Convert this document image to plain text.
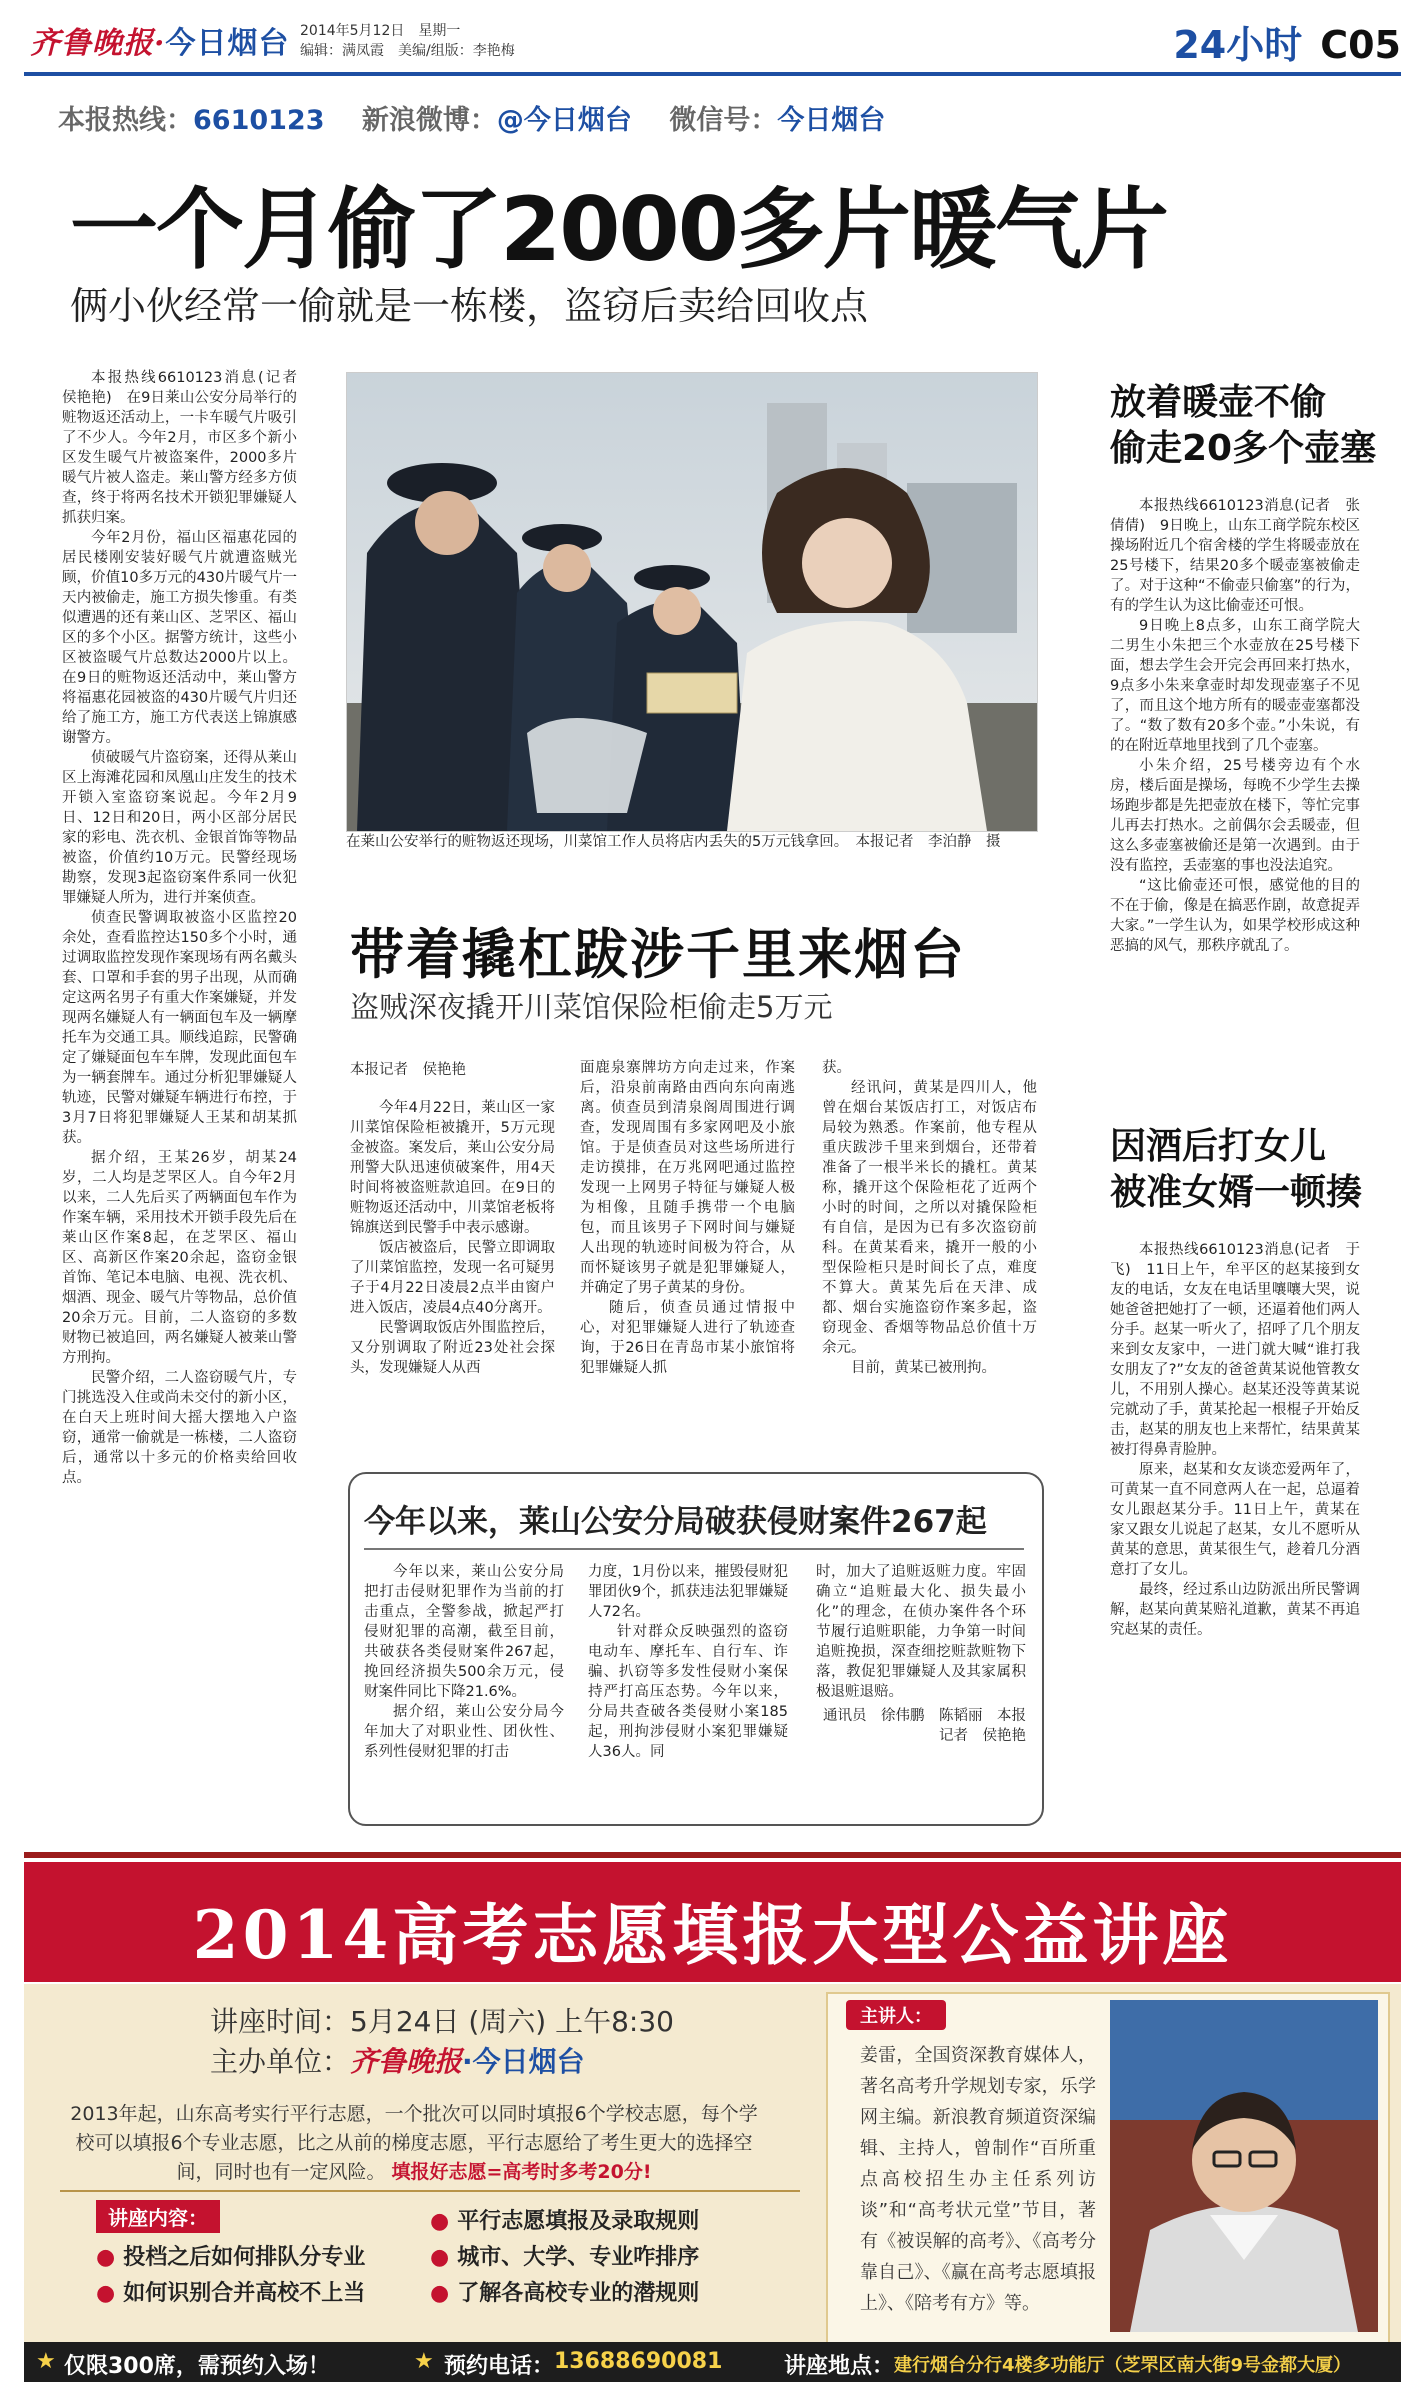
齐鲁晚报·今日烟台 2014年5月12日　星期一
编辑：满凤霞　美编/组版：李艳梅	24小时 C05
本报热线：6610123 新浪微博：@今日烟台 微信号：今日烟台
一个月偷了2000多片暖气片
俩小伙经常一偷就是一栋楼，盗窃后卖给回收点

本报热线6610123消息(记者　侯艳艳)　在9日莱山公安分局举行的赃物返还活动上，一卡车暖气片吸引了不少人。今年2月，市区多个新小区发生暖气片被盗案件，2000多片暖气片被人盗走。莱山警方经多方侦查，终于将两名技术开锁犯罪嫌疑人抓获归案。

今年2月份，福山区福惠花园的居民楼刚安装好暖气片就遭盗贼光顾，价值10多万元的430片暖气片一天内被偷走，施工方损失惨重。有类似遭遇的还有莱山区、芝罘区、福山区的多个小区。据警方统计，这些小区被盗暖气片总数达2000片以上。在9日的赃物返还活动中，莱山警方将福惠花园被盗的430片暖气片归还给了施工方，施工方代表送上锦旗感谢警方。

侦破暖气片盗窃案，还得从莱山区上海滩花园和凤凰山庄发生的技术开锁入室盗窃案说起。今年2月9日、12日和20日，两小区部分居民家的彩电、洗衣机、金银首饰等物品被盗，价值约10万元。民警经现场勘察，发现3起盗窃案件系同一伙犯罪嫌疑人所为，进行并案侦查。

侦查民警调取被盗小区监控20余处，查看监控达150多个小时，通过调取监控发现作案现场有两名戴头套、口罩和手套的男子出现，从而确定这两名男子有重大作案嫌疑，并发现两名嫌疑人有一辆面包车及一辆摩托车为交通工具。顺线追踪，民警确定了嫌疑面包车车牌，发现此面包车为一辆套牌车。通过分析犯罪嫌疑人轨迹，民警对嫌疑车辆进行布控，于3月7日将犯罪嫌疑人王某和胡某抓获。

据介绍，王某26岁，胡某24岁，二人均是芝罘区人。自今年2月以来，二人先后买了两辆面包车作为作案车辆，采用技术开锁手段先后在莱山区作案8起，在芝罘区、福山区、高新区作案20余起，盗窃金银首饰、笔记本电脑、电视、洗衣机、烟酒、现金、暖气片等物品，总价值20余万元。目前，二人盗窃的多数财物已被追回，两名嫌疑人被莱山警方刑拘。

民警介绍，二人盗窃暖气片，专门挑选没入住或尚未交付的新小区，在白天上班时间大摇大摆地入户盗窃，通常一偷就是一栋楼，二人盗窃后，通常以十多元的价格卖给回收点。

在莱山公安举行的赃物返还现场，川菜馆工作人员将店内丢失的5万元钱拿回。　本报记者　李泊静　摄
带着撬杠跋涉千里来烟台
盗贼深夜撬开川菜馆保险柜偷走5万元
本报记者　侯艳艳

今年4月22日，莱山区一家川菜馆保险柜被撬开，5万元现金被盗。案发后，莱山公安分局刑警大队迅速侦破案件，用4天时间将被盗赃款追回。在9日的赃物返还活动中，川菜馆老板将锦旗送到民警手中表示感谢。

饭店被盗后，民警立即调取了川菜馆监控，发现一名可疑男子于4月22日凌晨2点半由窗户进入饭店，凌晨4点40分离开。

民警调取饭店外围监控后，又分别调取了附近23处社会探头，发现嫌疑人从西

面鹿泉寨牌坊方向走过来，作案后，沿泉前南路由西向东向南逃离。侦查员到清泉阁周围进行调查，发现周围有多家网吧及小旅馆。于是侦查员对这些场所进行走访摸排，在万兆网吧通过监控发现一上网男子特征与嫌疑人极为相像，且随手携带一个电脑包，而且该男子下网时间与嫌疑人出现的轨迹时间极为符合，从而怀疑该男子就是犯罪嫌疑人，并确定了男子黄某的身份。

随后，侦查员通过情报中心，对犯罪嫌疑人进行了轨迹查询，于26日在青岛市某小旅馆将犯罪嫌疑人抓

获。

经讯问，黄某是四川人，他曾在烟台某饭店打工，对饭店布局较为熟悉。作案前，他专程从重庆跋涉千里来到烟台，还带着准备了一根半米长的撬杠。黄某称，撬开这个保险柜花了近两个小时的时间，之所以对撬保险柜有自信，是因为已有多次盗窃前科。在黄某看来，撬开一般的小型保险柜只是时间长了点，难度不算大。黄某先后在天津、成都、烟台实施盗窃作案多起，盗窃现金、香烟等物品总价值十万余元。

目前，黄某已被刑拘。

今年以来，莱山公安分局破获侵财案件267起

今年以来，莱山公安分局把打击侵财犯罪作为当前的打击重点，全警参战，掀起严打侵财犯罪的高潮，截至目前，共破获各类侵财案件267起，挽回经济损失500余万元，侵财案件同比下降21.6%。

据介绍，莱山公安分局今年加大了对职业性、团伙性、系列性侵财犯罪的打击

力度，1月份以来，摧毁侵财犯罪团伙9个，抓获违法犯罪嫌疑人72名。

针对群众反映强烈的盗窃电动车、摩托车、自行车、诈骗、扒窃等多发性侵财小案保持严打高压态势。今年以来，分局共查破各类侵财小案185起，刑拘涉侵财小案犯罪嫌疑人36人。同

时，加大了追赃返赃力度。牢固确立“追赃最大化、损失最小化”的理念，在侦办案件各个环节履行追赃职能，力争第一时间追赃挽损，深查细挖赃款赃物下落，教促犯罪嫌疑人及其家属积极退赃退赔。

通讯员　徐伟鹏　陈韬丽　本报记者　侯艳艳

放着暖壶不偷
偷走20多个壶塞

本报热线6610123消息(记者　张倩倩)　9日晚上，山东工商学院东校区操场附近几个宿舍楼的学生将暖壶放在25号楼下，结果20多个暖壶塞被偷走了。对于这种“不偷壶只偷塞”的行为，有的学生认为这比偷壶还可恨。

9日晚上8点多，山东工商学院大二男生小朱把三个水壶放在25号楼下面，想去学生会开完会再回来打热水，9点多小朱来拿壶时却发现壶塞子不见了，而且这个地方所有的暖壶壶塞都没了。“数了数有20多个壶。”小朱说，有的在附近草地里找到了几个壶塞。

小朱介绍，25号楼旁边有个水房，楼后面是操场，每晚不少学生去操场跑步都是先把壶放在楼下，等忙完事儿再去打热水。之前偶尔会丢暖壶，但这么多壶塞被偷还是第一次遇到。由于没有监控，丢壶塞的事也没法追究。

“这比偷壶还可恨，感觉他的目的不在于偷，像是在搞恶作剧，故意捉弄大家。”一学生认为，如果学校形成这种恶搞的风气，那秩序就乱了。

因酒后打女儿
被准女婿一顿揍

本报热线6610123消息(记者　于飞)　11日上午，牟平区的赵某接到女友的电话，女友在电话里嚷嚷大哭，说她爸爸把她打了一顿，还逼着他们两人分手。赵某一听火了，招呼了几个朋友来到女友家中，一进门就大喊“谁打我女朋友了?”女友的爸爸黄某说他管教女儿，不用别人操心。赵某还没等黄某说完就动了手，黄某抡起一根棍子开始反击，赵某的朋友也上来帮忙，结果黄某被打得鼻青脸肿。

原来，赵某和女友谈恋爱两年了，可黄某一直不同意两人在一起，总逼着女儿跟赵某分手。11日上午，黄某在家又跟女儿说起了赵某，女儿不愿听从黄某的意思，黄某很生气，趁着几分酒意打了女儿。

最终，经过系山边防派出所民警调解，赵某向黄某赔礼道歉，黄某不再追究赵某的责任。

2014高考志愿填报大型公益讲座
讲座时间：5月24日 (周六) 上午8:30
主办单位：齐鲁晚报·今日烟台
2013年起，山东高考实行平行志愿，一个批次可以同时填报6个学校志愿，每个学校可以填报6个专业志愿，比之从前的梯度志愿，平行志愿给了考生更大的选择空间，同时也有一定风险。 填报好志愿=高考时多考20分!
讲座内容：
● 投档之后如何排队分专业
● 如何识别合并高校不上当
● 平行志愿填报及录取规则
● 城市、大学、专业咋排序
● 了解各高校专业的潜规则
主讲人：
姜雷，全国资深教育媒体人，著名高考升学规划专家，乐学网主编。新浪教育频道资深编辑、主持人，曾制作“百所重点高校招生办主任系列访谈”和“高考状元堂”节目，著有《被误解的高考》、《高考分靠自己》、《赢在高考志愿填报上》、《陪考有方》等。
★ 仅限300席，需预约入场！	★ 预约电话： 13688690081	讲座地点： 建行烟台分行4楼多功能厅（芝罘区南大街9号金都大厦）
